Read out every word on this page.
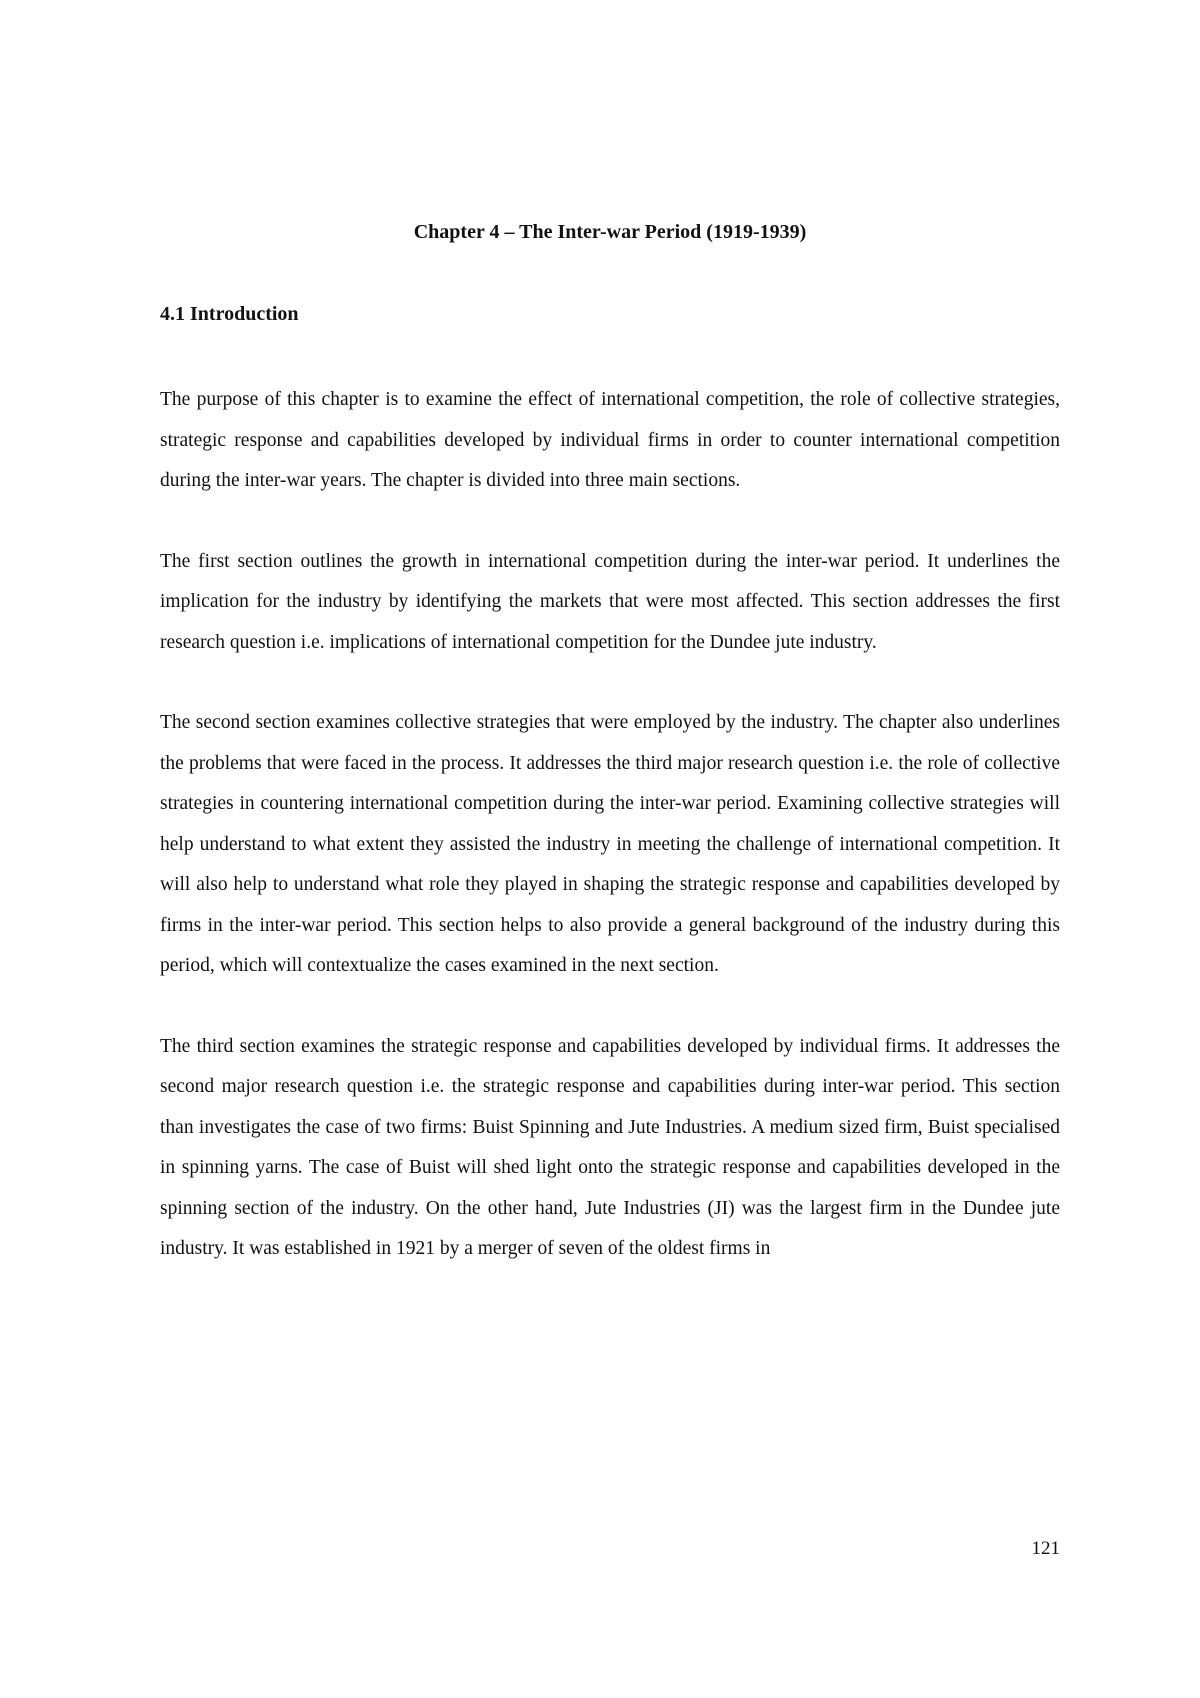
Chapter 4 – The Inter-war Period (1919-1939)
4.1 Introduction

The purpose of this chapter is to examine the effect of international competition, the role of collective strategies, strategic response and capabilities developed by individual firms in order to counter international competition during the inter-war years. The chapter is divided into three main sections.

The first section outlines the growth in international competition during the inter-war period. It underlines the implication for the industry by identifying the markets that were most affected. This section addresses the first research question i.e. implications of international competition for the Dundee jute industry.

The second section examines collective strategies that were employed by the industry. The chapter also underlines the problems that were faced in the process. It addresses the third major research question i.e. the role of collective strategies in countering international competition during the inter-war period. Examining collective strategies will help understand to what extent they assisted the industry in meeting the challenge of international competition. It will also help to understand what role they played in shaping the strategic response and capabilities developed by firms in the inter-war period. This section helps to also provide a general background of the industry during this period, which will contextualize the cases examined in the next section.

The third section examines the strategic response and capabilities developed by individual firms. It addresses the second major research question i.e. the strategic response and capabilities during inter-war period. This section than investigates the case of two firms: Buist Spinning and Jute Industries. A medium sized firm, Buist specialised in spinning yarns. The case of Buist will shed light onto the strategic response and capabilities developed in the spinning section of the industry. On the other hand, Jute Industries (JI) was the largest firm in the Dundee jute industry. It was established in 1921 by a merger of seven of the oldest firms in

121
